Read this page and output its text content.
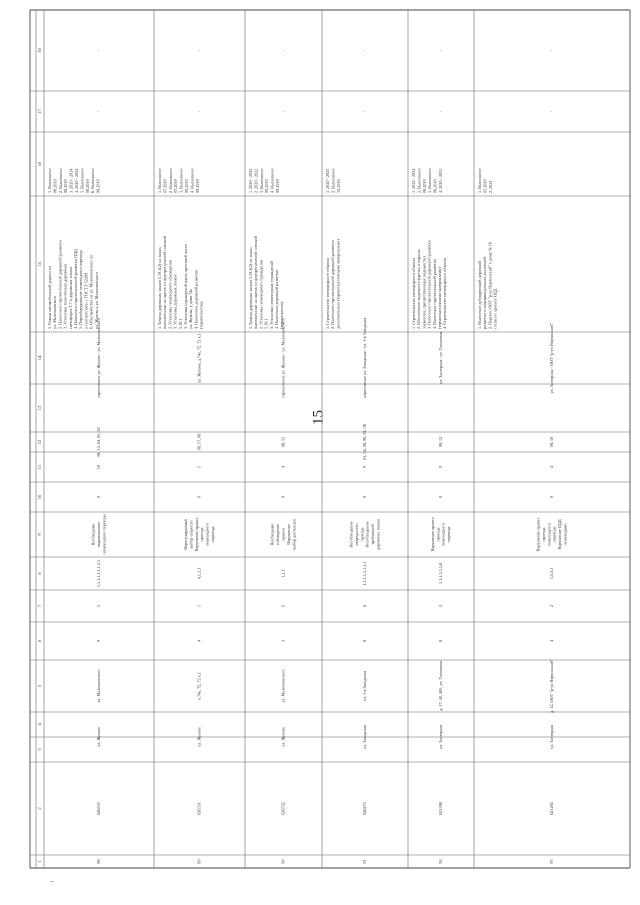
15
1
2
3
4
5
6
7
8
9
10
11
12
13
14
15
16
17
18
88
626533
ул. Жукова
ул. Маленковского
9
5
1,1,1,1,1,1,1,5,1
Необходимо выравнивание пешеходного перехода
0
10
08, 13, 04, 05, 18
пересечение ул. Жукова - ул. Маленковского
1. Режим автомобильной дороги по ул. Маленковского 2. Нанесение горизонтальной дорожной разметки 3. Установка технических дорожных светофоров Т.7 и дорожных знаков 4. Нанесение горизонтальной разметки ПДД 5. Переоборудование пешеходного перехода в соответствии с ГОСТ Р 52289 6. Обустройство на ул. Маленковского по ул. Жукова к ул. Маленковского
1. Выполнено 08.2019 2. Выполнено 08.2019 3. 2020 - 2024 4. 2020 - 2024 5. Выполнено 08.2019 6. Выполнено 08.2019
-
-
89
626531
ул. Жукова
к.74а, 72, 72 к.1
4
1
4,1,1,3
Нерегулируемый выбор скорости Нарушение правил проезда пешеходного перехода
0
5
08, 17, 08
ул. Жукова, д.74а, 72, 72 к.1
1. Замена дорожных знаков 5.19.1(2) на знаки, выполненные на щитах со флуоресцентной пленкой 2. Установка пешеходного ограждения 3. Установка дорожных знаков 5.19.1 3. Установка ограждений вдоль проезжей части ул. Жукова, у дома 74а 4. Нанесение дорожной разметки (термопластик)
1. Выполнено 07.2019 2. Выполнено 07.2019 3. Выполнено 09.2019 4. Выполнено 09.2019
-
-
90
626532
ул. Жукова
ул. Маленковского
3
2
1,1,1
Необходимо соблюдение правил Нарушение выбор дистанции
0
4
08, 15
пересечение ул. Жукова - ул. Маленковского
1. Замена дорожных знаков 5.19.1(2) на знаки, выполненные на щитах со флуоресцентной пленкой 2. Установка пешеходного ограждения 5.19.1 3. Установка пешеходных ограждений 4. Нанесение дорожной разметки (термопластик)
1. 2020 - 2022 2. 2020 - 2022 3. Выполнено 09.2019 4. Выполнено 09.2019
-
-
91
626275
ул. Заводская
ул. 1-я Заводская
8
6
1,1,1,1,1,1,1,1
Несоблюдение очередности проезда Несоблюдение требований дорожных знаков
0
9
01, 04, 08, 06, 03, 08
пересечение ул. Заводская - ул. 1-я Заводская
1. Строительство светофорного объекта 2. Нанесение горизонтальной дорожной разметки дополнительно (термопластичными материалами)
1. 2020 - 2023 2. Выполнено 10.2019
-
-
92
621598
ул. Заозерная
д. 17, 40, 40б, ул. Тополевая
8
2
1,1,1,5,5,5,8
Нарушение правил проезда пешеходного перехода
0
9
08, 12
ул. Заозерная - ул. Тополевая
1. Строительство светофорного объекта 2. Обеспечение видимости (срезка и окраска элементов, препятствующих видимости) 3. Нанесение горизонтальной дорожной разметки 4. Нанесение горизонтальной разметки (термопластичными материалами) 4. Строительство светофорного объекта
1. 2022 - 2024 2. Выполнено 08.2019 3. Выполнено 08.2019 4. 2020 - 2021
-
-
93
621494
ул. Заозерная
д. 12, ООТ "р-ул Нерчинский"
4
2
5,5,5,5
Нарушение правил проезда пешеходного перехода Нарушение ПДД пешеходами
0
4
08, 18
ул. Заозерная - ООТ "р-ул Нерчинский"
1. Нанесение дублирующей дорожной разметки и информационных указателей 2. Перенос ООТ "р-ул Нерчинский" к дому № 16 согласно проекту ОДД
1. Выполнено 05.2019 2. 2021
-
-
